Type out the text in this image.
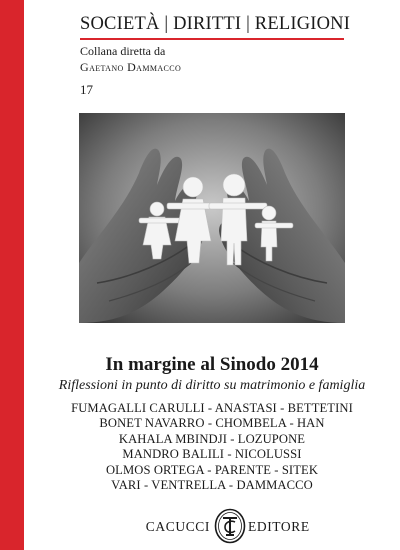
SOCIETÀ | DIRITTI | RELIGIONI
Collana diretta da
Gaetano Dammacco
17
In margine al Sinodo 2014
Riflessioni in punto di diritto su matrimonio e famiglia
FUMAGALLI CARULLI - ANASTASI - BETTETINI
BONET NAVARRO - CHOMBELA - HAN
KAHALA MBINDJI - LOZUPONE
MANDRO BALILI - NICOLUSSI
OLMOS ORTEGA - PARENTE - SITEK
VARI - VENTRELLA - DAMMACCO
CACUCCI	EDITORE
